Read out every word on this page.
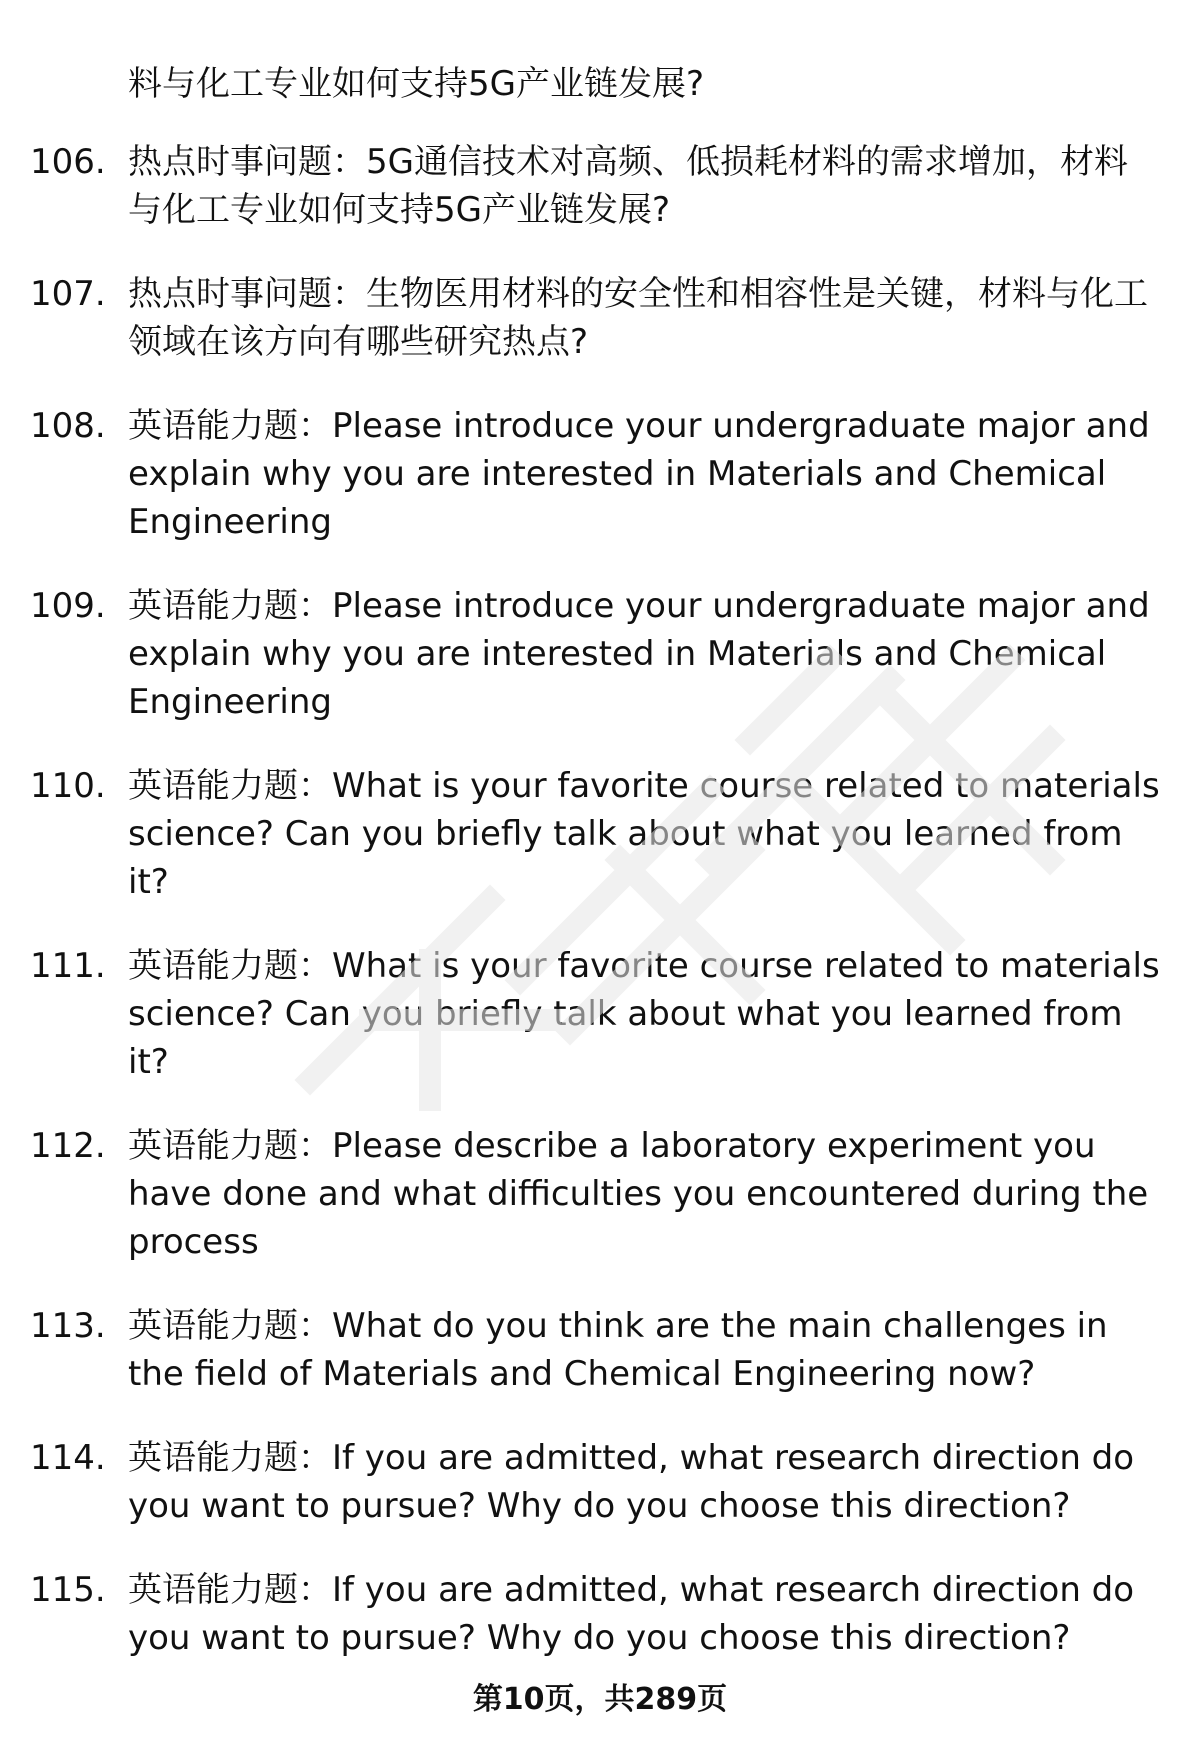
料与化工专业如何支持5G产业链发展?
106. 热点时事问题：5G通信技术对高频、低损耗材料的需求增加，材料与化工专业如何支持5G产业链发展?
107. 热点时事问题：生物医用材料的安全性和相容性是关键，材料与化工领域在该方向有哪些研究热点?
108. 英语能力题：Please introduce your undergraduate major and explain why you are interested in Materials and Chemical Engineering
109. 英语能力题：Please introduce your undergraduate major and explain why you are interested in Materials and Chemical Engineering
110. 英语能力题：What is your favorite course related to materials science? Can you briefly talk about what you learned from it?
111. 英语能力题：What is your favorite course related to materials science? Can you briefly talk about what you learned from it?
112. 英语能力题：Please describe a laboratory experiment you have done and what difficulties you encountered during the process
113. 英语能力题：What do you think are the main challenges in the field of Materials and Chemical Engineering now?
114. 英语能力题：If you are admitted, what research direction do you want to pursue? Why do you choose this direction?
115. 英语能力题：If you are admitted, what research direction do you want to pursue? Why do you choose this direction?
第10页，共289页
